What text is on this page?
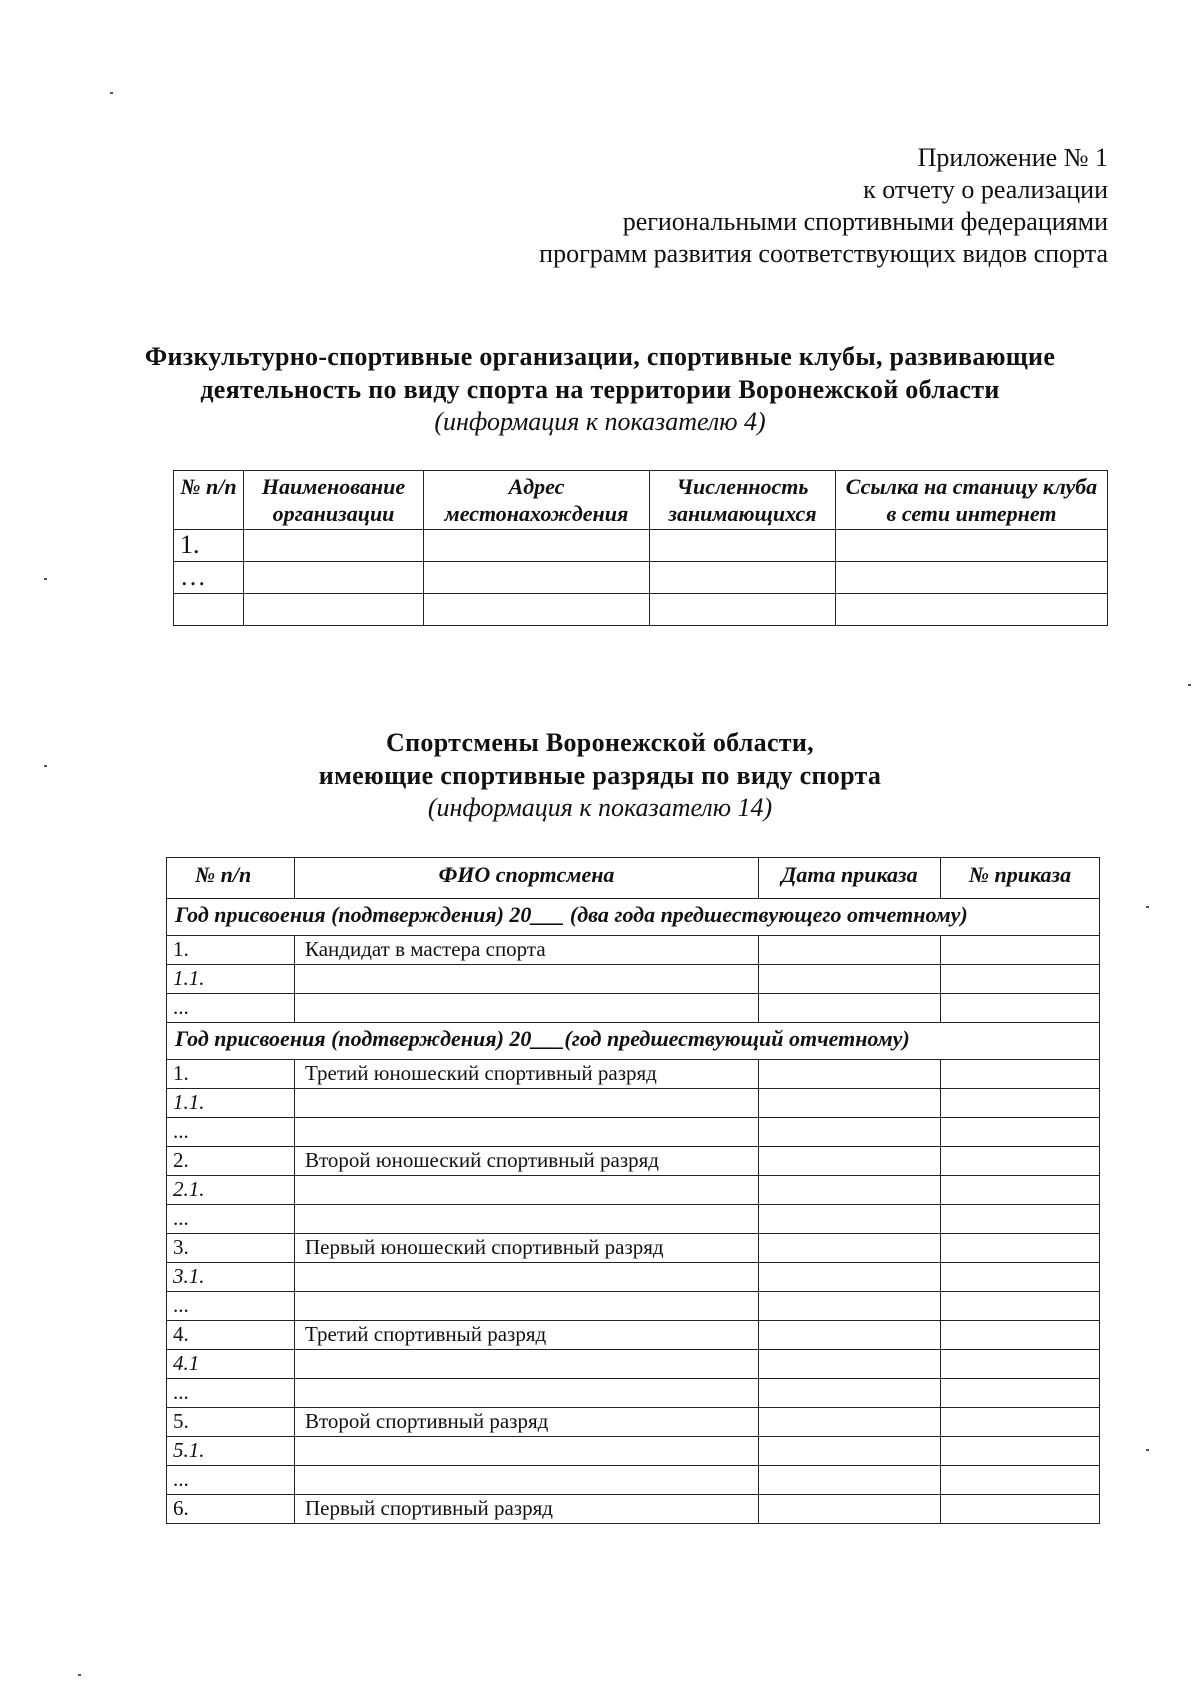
Приложение № 1
к отчету о реализации
региональными спортивными федерациями
программ развития соответствующих видов спорта
Физкультурно-спортивные организации, спортивные клубы, развивающие
деятельность по виду спорта на территории Воронежской области
(информация к показателю 4)
№ п/п	Наименование организации	Адрес местонахождения	Численность занимающихся	Ссылка на станицу клуба в сети интернет
1.				
…				

Спортсмены Воронежской области,
имеющие спортивные разряды по виду спорта
(информация к показателю 14)
№ п/п	ФИО спортсмена	Дата приказа	№ приказа
Год присвоения (подтверждения) 20___ (два года предшествующего отчетному)			
1.	Кандидат в мастера спорта		
1.1.			
...			
Год присвоения (подтверждения) 20___(год предшествующий отчетному)			
1.	Третий юношеский спортивный разряд		
1.1.			
...			
2.	Второй юношеский спортивный разряд		
2.1.			
...			
3.	Первый юношеский спортивный разряд		
3.1.			
...			
4.	Третий спортивный разряд		
4.1			
...			
5.	Второй спортивный разряд		
5.1.			
...			
6.	Первый спортивный разряд		
